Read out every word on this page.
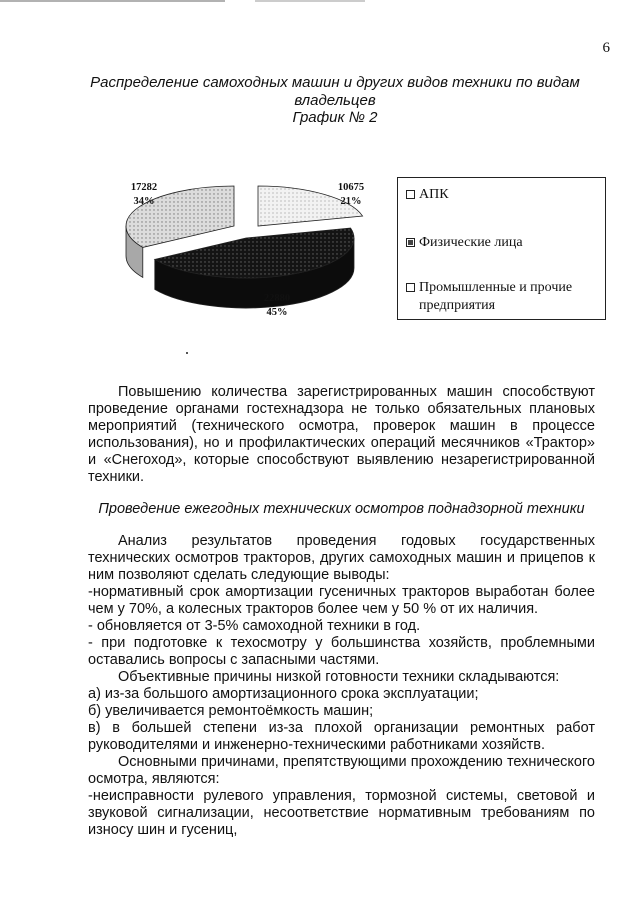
6
Распределение самоходных машин и других видов техники по видам
владельцев
График № 2
17282
34%
10675
21%
22880
45%
АПК
Физические лица
Промышленные и прочие предприятия
Повышению количества зарегистрированных машин способствуют проведение органами гостехнадзора не только обязательных плановых мероприятий (технического осмотра, проверок машин в процессе использования), но и профилактических операций месячников «Трактор» и «Снегоход», которые способствуют выявлению незарегистрированной техники.
Проведение ежегодных технических осмотров поднадзорной техники
Анализ результатов проведения годовых государственных технических осмотров тракторов, других самоходных машин и прицепов к ним позволяют сделать следующие выводы:
-нормативный срок амортизации гусеничных тракторов выработан более чем у 70%, а колесных тракторов более чем у 50 % от их наличия.
- обновляется от 3-5% самоходной техники в год.
- при подготовке к техосмотру у большинства хозяйств, проблемными оставались вопросы с запасными частями.
Объективные причины низкой готовности техники складываются:
а) из-за большого амортизационного срока эксплуатации;
б) увеличивается ремонтоёмкость машин;
в) в большей степени из-за плохой организации ремонтных работ руководителями и инженерно-техническими работниками хозяйств.
Основными причинами, препятствующими прохождению технического осмотра, являются:
-неисправности рулевого управления, тормозной системы, световой и звуковой сигнализации, несоответствие нормативным требованиям по износу шин и гусениц,
